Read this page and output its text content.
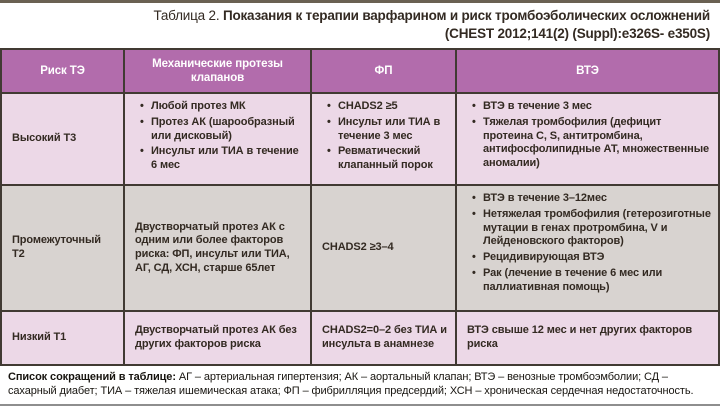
Таблица 2. Показания к терапии варфарином и риск тромбоэболических осложнений
(CHEST 2012;141(2) (Suppl):e326S- e350S)
Риск ТЭ
Механические протезы клапанов
ФП	ВТЭ
Высокий Т3
• Любой протез МК
• Протез АК (шарообразный или дисковый)
• Инсульт или ТИА в течение 6 мес
• CHADS2 ≥5
• Инсульт или ТИА в течение 3 мес
• Ревматический клапанный порок
• ВТЭ в течение 3 мес
• Тяжелая тромбофилия (дефицит протеина С, S, антитромбина, антифосфолипидные АТ, множественные аномалии)
Промежуточный Т2
Двустворчатый протез АК с одним или более факторов риска: ФП, инсульт или ТИА, АГ, СД, ХСН, старше 65лет
CHADS2 ≥3–4
• ВТЭ в течение 3–12мес
• Нетяжелая тромбофилия (гетерозиготные мутации в генах протромбина, V и Лейденовского факторов)
• Рецидивирующая ВТЭ
• Рак (лечение в течение 6 мес или паллиативная помощь)
Низкий Т1
Двустворчатый протез АК без других факторов риска
CHADS2=0–2 без ТИА и инсульта в анамнезе
ВТЭ свыше 12 мес и нет других факторов риска
Список сокращений в таблице: АГ – артериальная гипертензия; АК – аортальный клапан; ВТЭ – венозные тромбоэмболии; СД – сахарный диабет; ТИА – тяжелая ишемическая атака; ФП – фибрилляция предсердий; ХСН – хроническая сердечная недостаточность.
